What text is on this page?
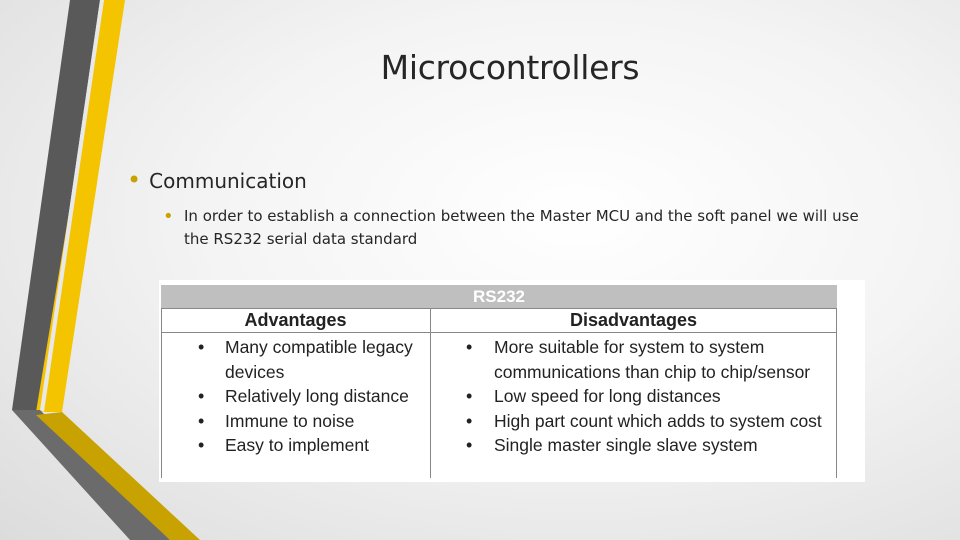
Microcontrollers
• Communication
• In order to establish a connection between the Master MCU and the soft panel we will use the RS232 serial data standard
RS232
Advantages	Disadvantages
• Many compatible legacy devices
• Relatively long distance
• Immune to noise
• Easy to implement
• More suitable for system to system communications than chip to chip/sensor
• Low speed for long distances
• High part count which adds to system cost
• Single master single slave system
